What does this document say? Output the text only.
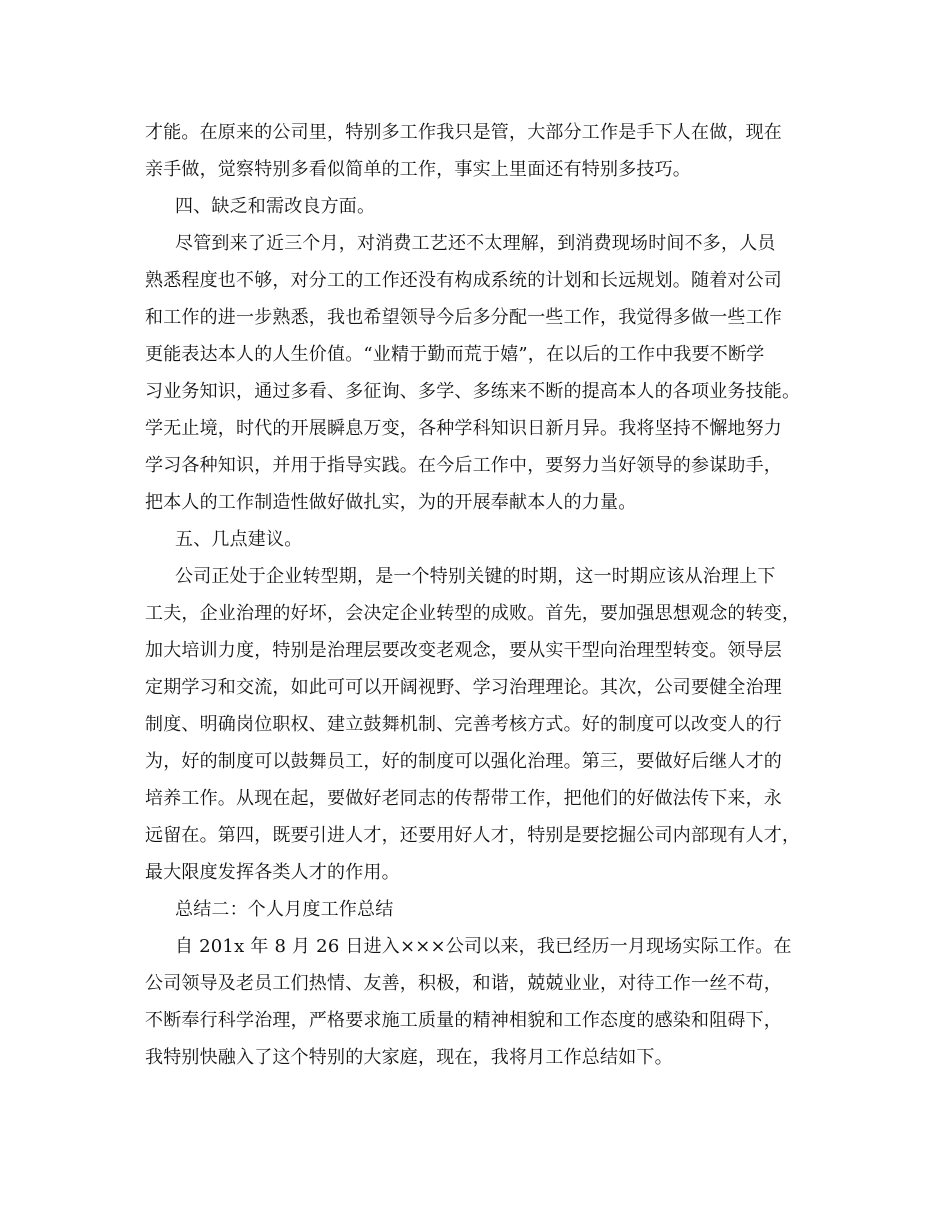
才能。在原来的公司里，特别多工作我只是管，大部分工作是手下人在做，现在
亲手做，觉察特别多看似简单的工作，事实上里面还有特别多技巧。
四、缺乏和需改良方面。
尽管到来了近三个月，对消费工艺还不太理解，到消费现场时间不多，人员
熟悉程度也不够，对分工的工作还没有构成系统的计划和长远规划。随着对公司
和工作的进一步熟悉，我也希望领导今后多分配一些工作，我觉得多做一些工作
更能表达本人的人生价值。“业精于勤而荒于嬉”，在以后的工作中我要不断学
习业务知识，通过多看、多征询、多学、多练来不断的提高本人的各项业务技能。
学无止境，时代的开展瞬息万变，各种学科知识日新月异。我将坚持不懈地努力
学习各种知识，并用于指导实践。在今后工作中，要努力当好领导的参谋助手，
把本人的工作制造性做好做扎实，为的开展奉献本人的力量。
五、几点建议。
公司正处于企业转型期，是一个特别关键的时期，这一时期应该从治理上下
工夫，企业治理的好坏，会决定企业转型的成败。首先，要加强思想观念的转变，
加大培训力度，特别是治理层要改变老观念，要从实干型向治理型转变。领导层
定期学习和交流，如此可可以开阔视野、学习治理理论。其次，公司要健全治理
制度、明确岗位职权、建立鼓舞机制、完善考核方式。好的制度可以改变人的行
为，好的制度可以鼓舞员工，好的制度可以强化治理。第三，要做好后继人才的
培养工作。从现在起，要做好老同志的传帮带工作，把他们的好做法传下来，永
远留在。第四，既要引进人才，还要用好人才，特别是要挖掘公司内部现有人才，
最大限度发挥各类人才的作用。
总结二：个人月度工作总结
自 201x 年 8 月 26 日进入×××公司以来，我已经历一月现场实际工作。在
公司领导及老员工们热情、友善，积极，和谐，兢兢业业，对待工作一丝不苟，
不断奉行科学治理，严格要求施工质量的精神相貌和工作态度的感染和阻碍下，
我特别快融入了这个特别的大家庭，现在，我将月工作总结如下。
